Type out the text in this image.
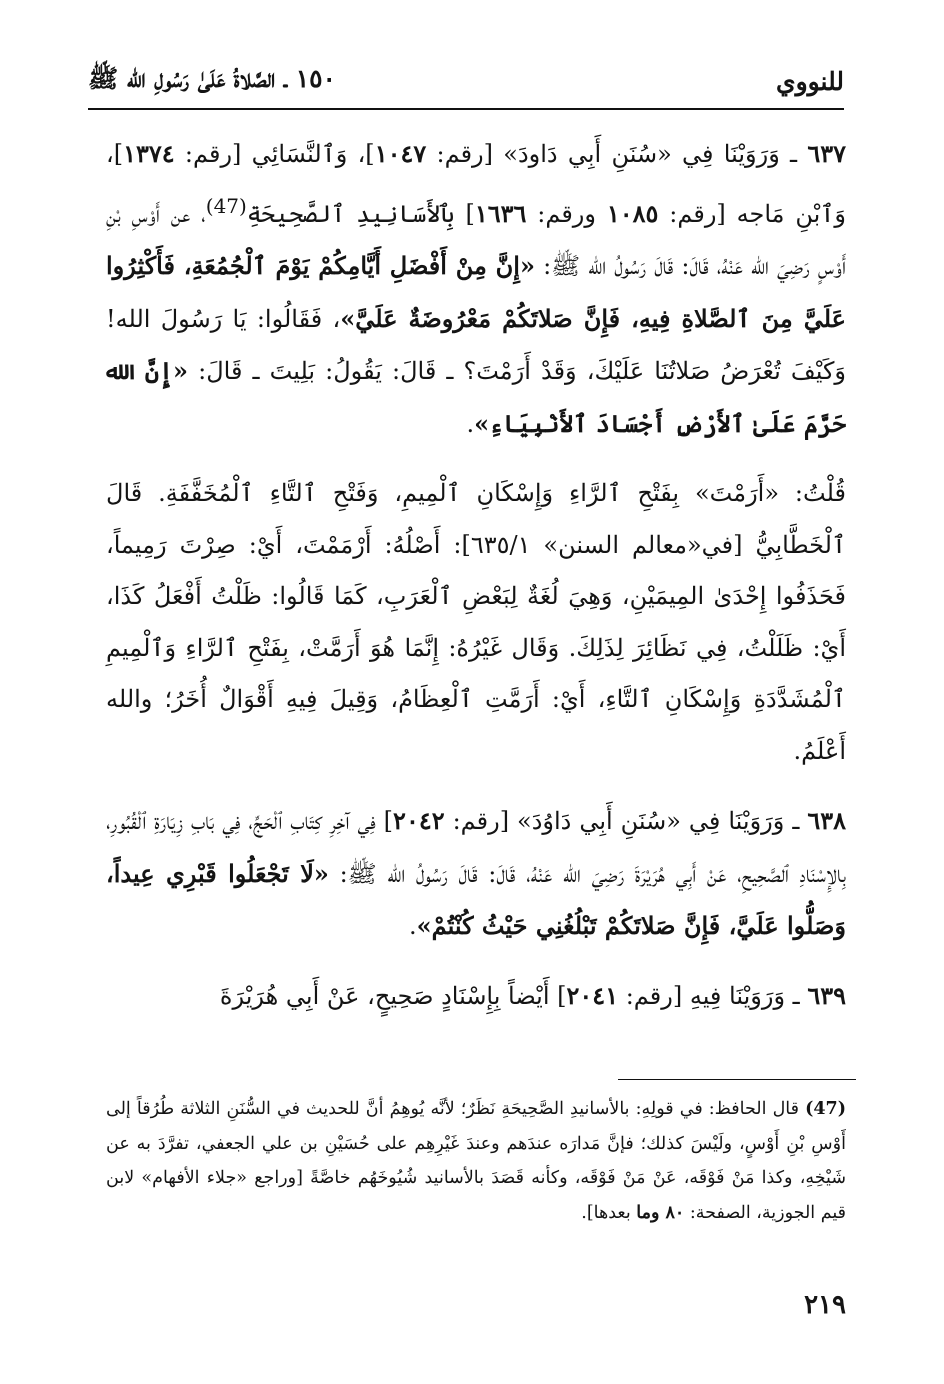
للنووي
١٥٠ ـ الصَّلاةُ عَلَىٰ رَسُولِ الله ﷺ

٦٣٧ ـ وَرَوَيْنَا فِي «سُنَنِ أَبِي دَاودَ» [رقم: ١٠٤٧]، وَٱلنَّسَائِي [رقم: ١٣٧٤]، وَٱبْنِ مَاجه [رقم: ١٠٨٥ ورقم: ١٦٣٦] بِٱلأَسَانِيدِ ٱلصَّحِيحَةِ$^{(47)}$، عن أَوْسِ بْنِ أَوْسٍ رَضِيَ الله عَنْهُ، قَالَ: قَالَ رَسُولُ الله ﷺ: «إِنَّ مِنْ أَفْضَلِ أَيَّامِكُمْ يَوْمَ ٱلْجُمُعَةِ، فَأَكْثِرُوا عَلَيَّ مِنَ ٱلصَّلاةِ فِيهِ، فَإِنَّ صَلاتَكُمْ مَعْرُوضَةٌ عَلَيَّ»، فَقَالُوا: يَا رَسُولَ الله! وَكَيْفَ تُعْرَضُ صَلاتُنَا عَلَيْكَ، وَقَدْ أَرَمْتَ؟ ـ قَالَ: يَقُولُ: بَلِيتَ ـ قَالَ: «إِنَّ الله حَرَّمَ عَلَىٰ ٱلأَرْضِ أَجْسَادَ ٱلأَنْبِيَاءِ».

قُلْتُ: «أَرَمْتَ» بِفَتْحِ ٱلرَّاءِ وَإِسْكَانِ ٱلْمِيمِ، وَفَتْحِ ٱلتَّاءِ ٱلْمُخَفَّفَةِ. قَالَ ٱلْخَطَّابِيُّ [في«معالم السنن» ٦٣٥/١]: أَصْلُهُ: أَرْمَمْتَ، أَيْ: صِرْتَ رَمِيماً، فَحَذَفُوا إِحْدَىٰ المِيمَيْنِ، وَهِيَ لُغَةٌ لِبَعْضِ ٱلْعَرَبِ، كَمَا قَالُوا: ظَلْتُ أَفْعَلُ كَذَا، أَيْ: ظَلَلْتُ، فِي نَظَائِرَ لِذَلِكَ. وَقَال غَيْرُهُ: إِنَّمَا هُوَ أَرَمَّتْ، بِفَتْحِ ٱلرَّاءِ وَٱلْمِيمِ ٱلْمُشَدَّدَةِ وَإِسْكَانِ ٱلتَّاءِ، أَيْ: أَرَمَّتِ ٱلْعِظَامُ، وَقِيلَ فِيهِ أَقْوَالٌ أُخَرُ؛ والله أَعْلَمُ.

٦٣٨ ـ وَرَوَيْنَا فِي «سُنَنِ أَبِي دَاوُدَ» [رقم: ٢٠٤٢] فِي آخِرِ كِتَابِ ٱلْحَجِّ، فِي بَابِ زِيَارَةِ ٱلْقُبُورِ، بِالإِسْنَادِ ٱلصَّحِيحِ، عَنْ أَبِي هُرَيْرَةَ رَضِيَ الله عَنْهُ، قَالَ: قَالَ رَسُولُ الله ﷺ: «لَا تَجْعَلُوا قَبْرِي عِيداً، وَصَلُّوا عَلَيَّ، فَإِنَّ صَلاتَكُمْ تَبْلُغُنِي حَيْثُ كُنْتُمْ».

٦٣٩ ـ وَرَوَيْنَا فِيهِ [رقم: ٢٠٤١] أَيْضاً بِإِسْنَادٍ صَحِيحٍ، عَنْ أَبِي هُرَيْرَةَ

(47) قال الحافظ: في قولِهِ: بالأسانيدِ الصَّحِيحَةِ نَظَرٌ؛ لأنَّه يُوهِمُ أنَّ للحديث في السُّنَنِ الثلاثة طُرُقاً إلى أَوْسِ بْنِ أَوْسٍ، ولَيْسَ كذلك؛ فإنَّ مَدارَه عندَهم وعندَ غَيْرِهِم على حُسَيْنِ بن علي الجعفي، تفرَّدَ به عن شَيْخِهِ، وكذا مَنْ فَوْقَه، عَنْ مَنْ فَوْقَه، وكأنه قَصَدَ بالأسانيد شُيُوخَهُم خاصَّةً [وراجع «جلاء الأفهام» لابن قيم الجوزية، الصفحة: ٨٠ وما بعدها].

٢١٩
